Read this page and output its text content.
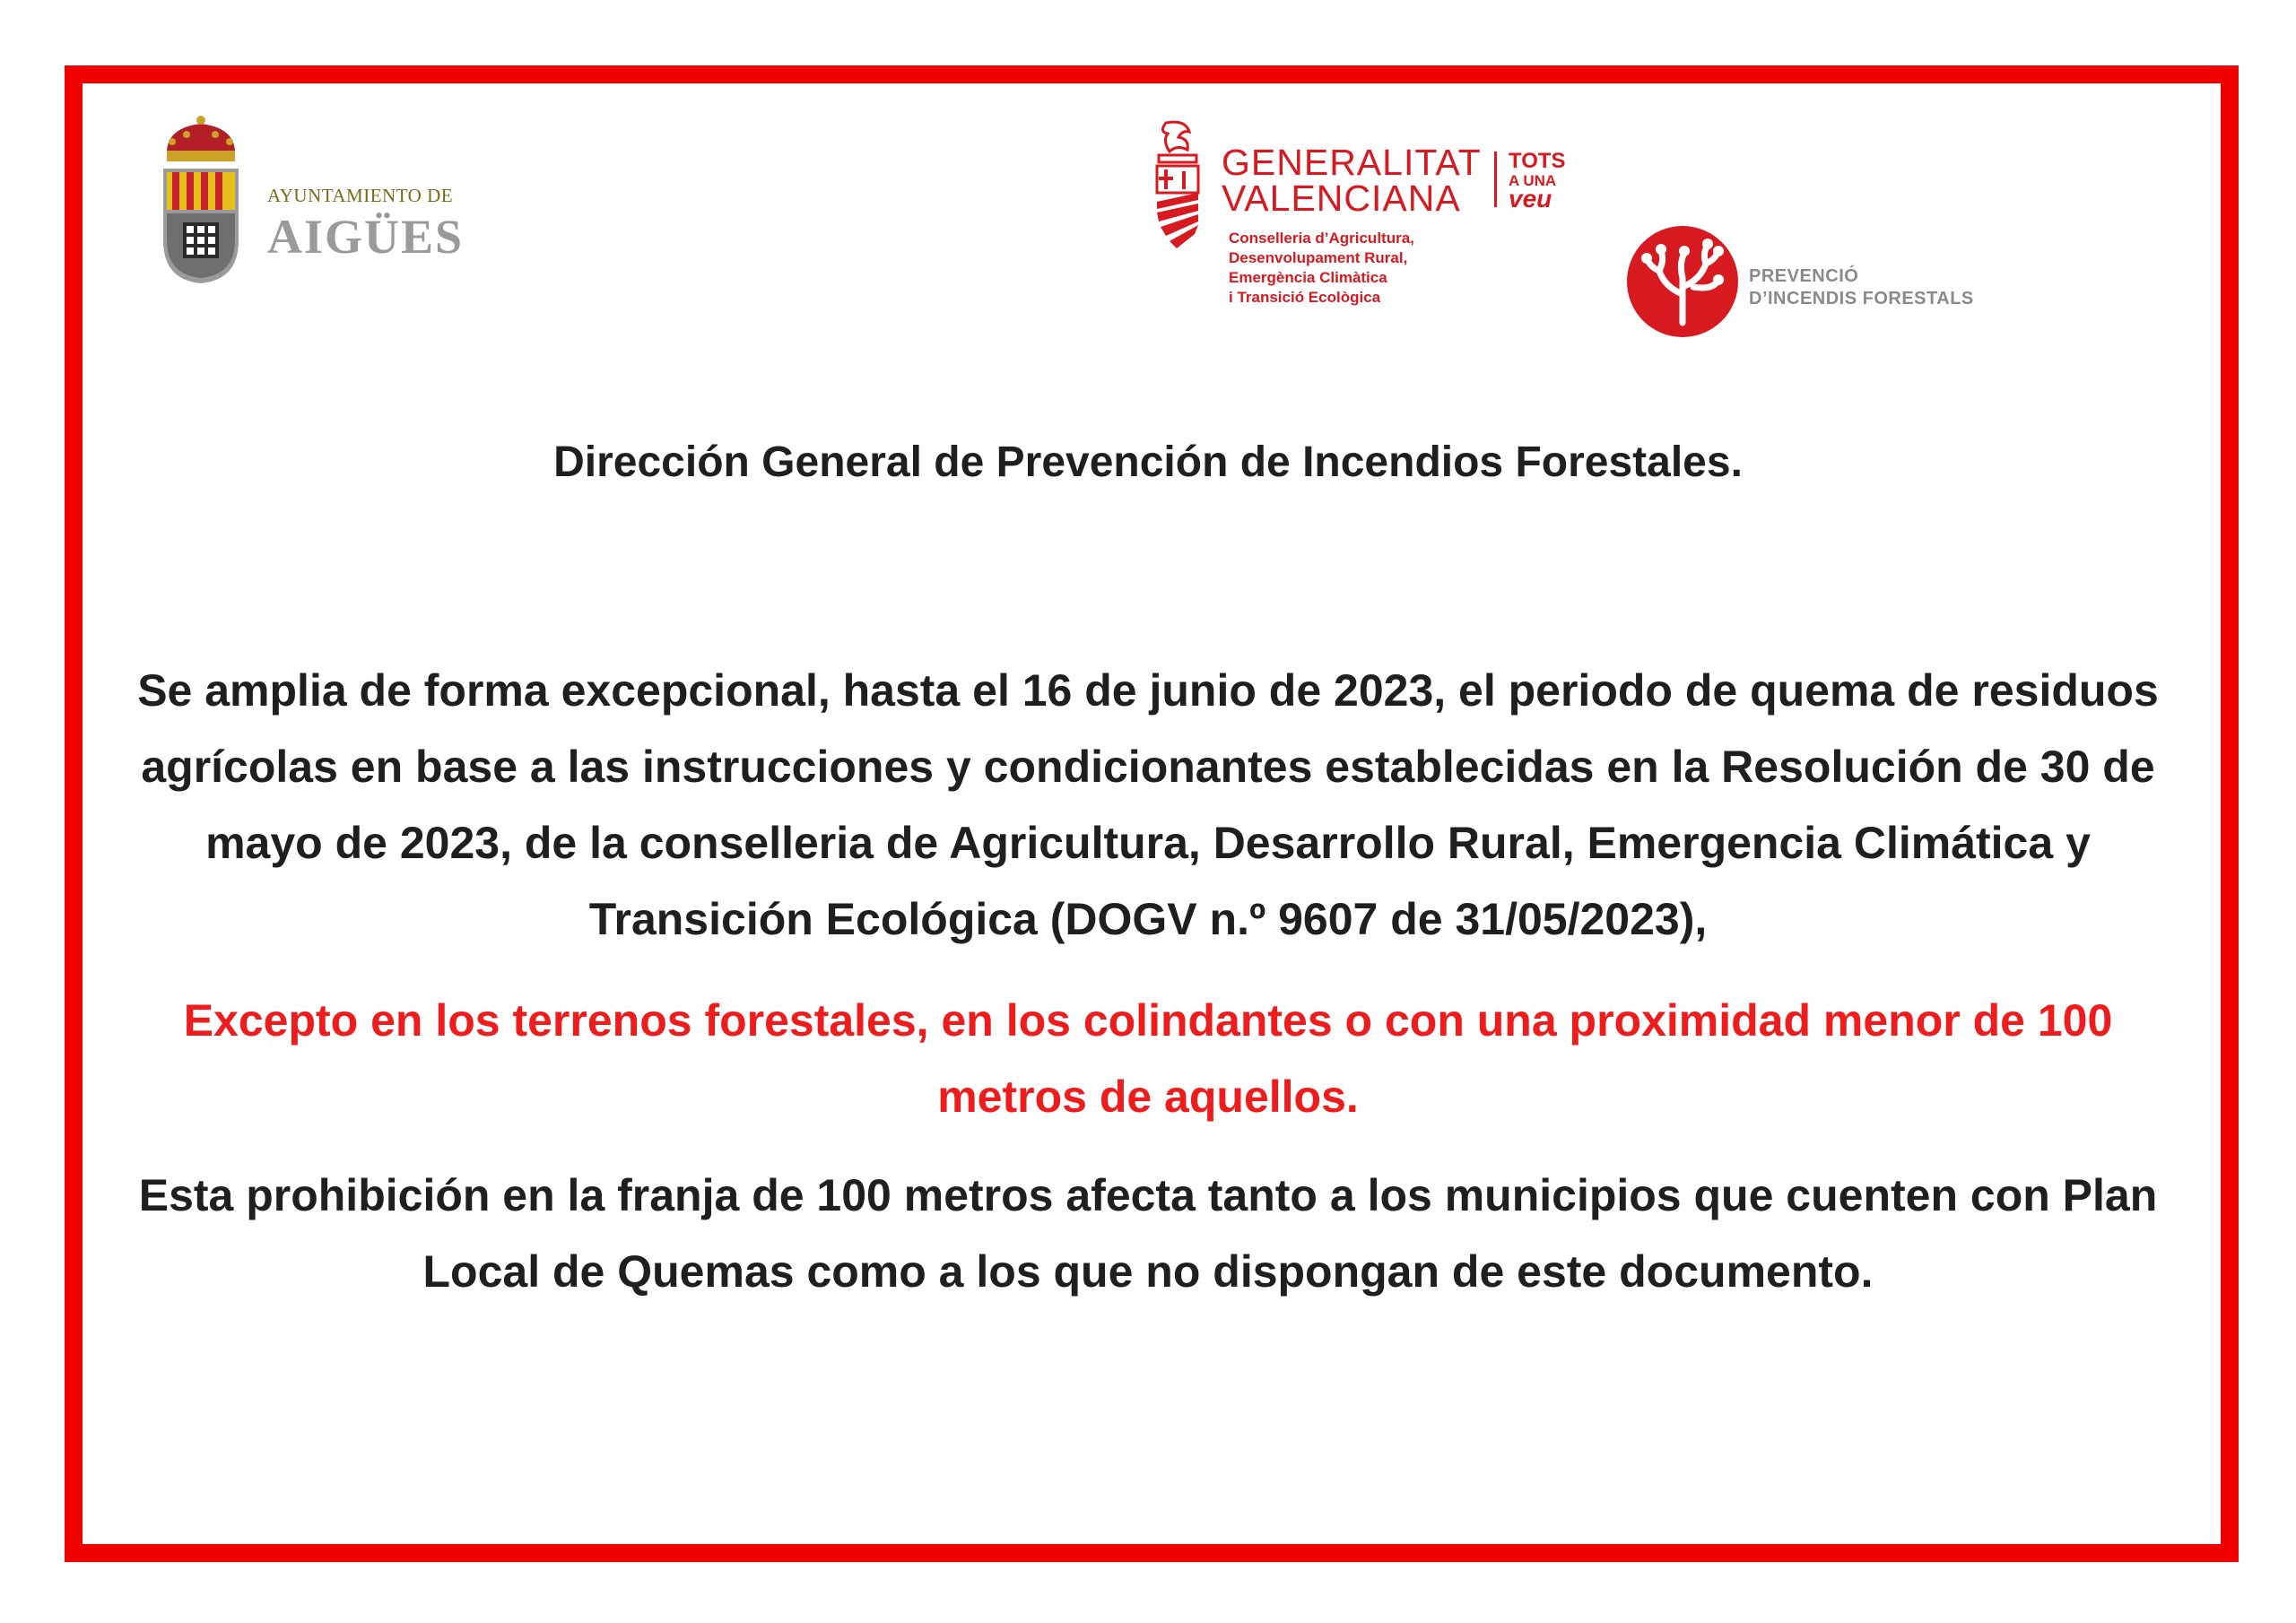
AYUNTAMIENTO DE
AIGÜES
GENERALITAT
VALENCIANA
TOTS
A UNA
veu
Conselleria d’Agricultura,
Desenvolupament Rural,
Emergència Climàtica
i Transició Ecològica
PREVENCIÓ
D’INCENDIS FORESTALS
Dirección General de Prevención de Incendios Forestales.

Se amplia de forma excepcional, hasta el 16 de junio de 2023, el periodo de quema de residuos agrícolas en base a las instrucciones y condicionantes establecidas en la Resolución de 30 de mayo de 2023, de la conselleria de Agricultura, Desarrollo Rural, Emergencia Climática y Transición Ecológica (DOGV n.º 9607 de 31/05/2023),

Excepto en los terrenos forestales, en los colindantes o con una proximidad menor de 100 metros de aquellos.

Esta prohibición en la franja de 100 metros afecta tanto a los municipios que cuenten con Plan Local de Quemas como a los que no dispongan de este documento.
